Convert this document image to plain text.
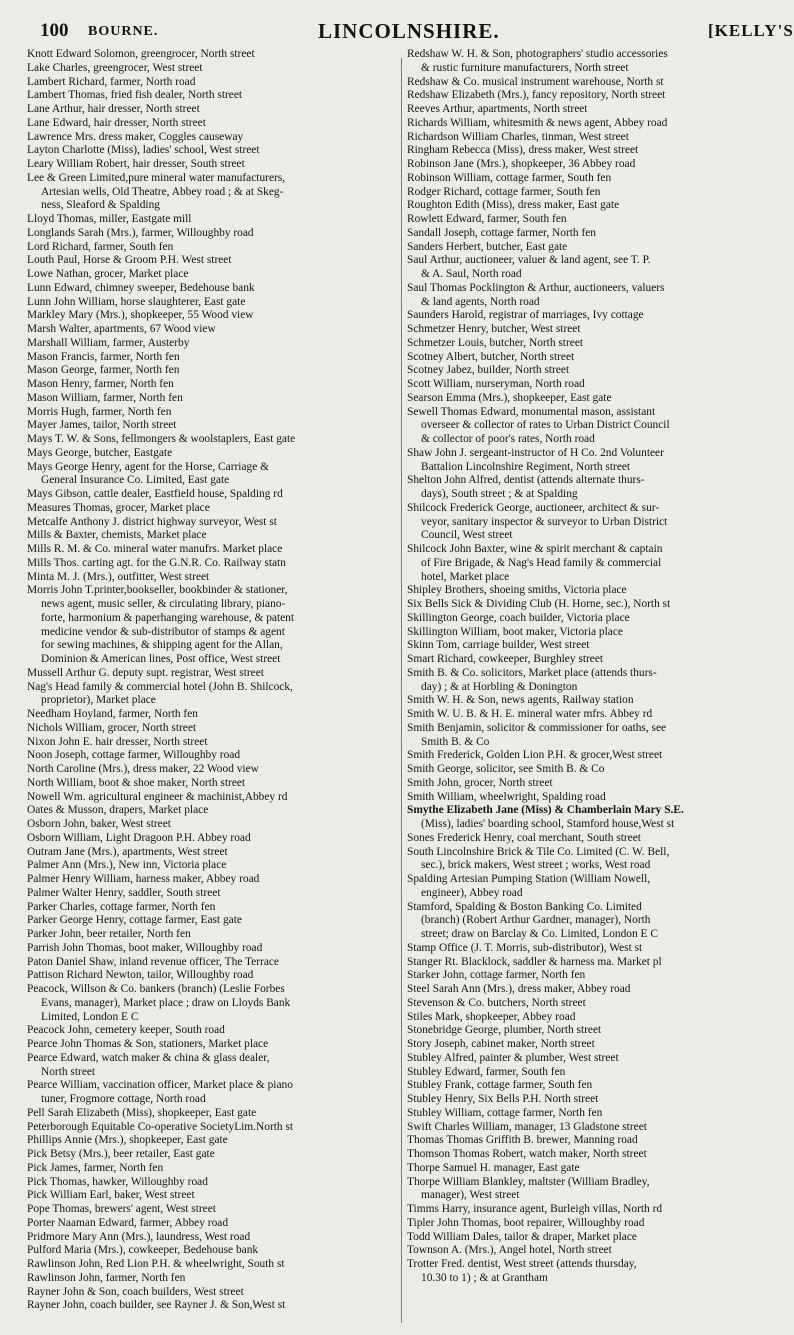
100 BOURNE.	LINCOLNSHIRE.	[KELLY'S
Knott Edward Solomon, greengrocer, North street
Lake Charles, greengrocer, West street
Lambert Richard, farmer, North road
Lambert Thomas, fried fish dealer, North street
Lane Arthur, hair dresser, North street
Lane Edward, hair dresser, North street
Lawrence Mrs. dress maker, Coggles causeway
Layton Charlotte (Miss), ladies' school, West street
Leary William Robert, hair dresser, South street
Lee & Green Limited,pure mineral water manufacturers,
Artesian wells, Old Theatre, Abbey road ; & at Skeg-
ness, Sleaford & Spalding
Lloyd Thomas, miller, Eastgate mill
Longlands Sarah (Mrs.), farmer, Willoughby road
Lord Richard, farmer, South fen
Louth Paul, Horse & Groom P.H. West street
Lowe Nathan, grocer, Market place
Lunn Edward, chimney sweeper, Bedehouse bank
Lunn John William, horse slaughterer, East gate
Markley Mary (Mrs.), shopkeeper, 55 Wood view
Marsh Walter, apartments, 67 Wood view
Marshall William, farmer, Austerby
Mason Francis, farmer, North fen
Mason George, farmer, North fen
Mason Henry, farmer, North fen
Mason William, farmer, North fen
Morris Hugh, farmer, North fen
Mayer James, tailor, North street
Mays T. W. & Sons, fellmongers & woolstaplers, East gate
Mays George, butcher, Eastgate
Mays George Henry, agent for the Horse, Carriage &
General Insurance Co. Limited, East gate
Mays Gibson, cattle dealer, Eastfield house, Spalding rd
Measures Thomas, grocer, Market place
Metcalfe Anthony J. district highway surveyor, West st
Mills & Baxter, chemists, Market place
Mills R. M. & Co. mineral water manufrs. Market place
Mills Thos. carting agt. for the G.N.R. Co. Railway statn
Minta M. J. (Mrs.), outfitter, West street
Morris John T.printer,bookseller, bookbinder & stationer,
news agent, music seller, & circulating library, piano-
forte, harmonium & paperhanging warehouse, & patent
medicine vendor & sub-distributor of stamps & agent
for sewing machines, & shipping agent for the Allan,
Dominion & American lines, Post office, West street
Mussell Arthur G. deputy supt. registrar, West street
Nag's Head family & commercial hotel (John B. Shilcock,
proprietor), Market place
Needham Hoyland, farmer, North fen
Nichols William, grocer, North street
Nixon John E. hair dresser, North street
Noon Joseph, cottage farmer, Willoughby road
North Caroline (Mrs.), dress maker, 22 Wood view
North William, boot & shoe maker, North street
Nowell Wm. agricultural engineer & machinist,Abbey rd
Oates & Musson, drapers, Market place
Osborn John, baker, West street
Osborn William, Light Dragoon P.H. Abbey road
Outram Jane (Mrs.), apartments, West street
Palmer Ann (Mrs.), New inn, Victoria place
Palmer Henry William, harness maker, Abbey road
Palmer Walter Henry, saddler, South street
Parker Charles, cottage farmer, North fen
Parker George Henry, cottage farmer, East gate
Parker John, beer retailer, North fen
Parrish John Thomas, boot maker, Willoughby road
Paton Daniel Shaw, inland revenue officer, The Terrace
Pattison Richard Newton, tailor, Willoughby road
Peacock, Willson & Co. bankers (branch) (Leslie Forbes
Evans, manager), Market place ; draw on Lloyds Bank
Limited, London E C
Peacock John, cemetery keeper, South road
Pearce John Thomas & Son, stationers, Market place
Pearce Edward, watch maker & china & glass dealer,
North street
Pearce William, vaccination officer, Market place & piano
tuner, Frogmore cottage, North road
Pell Sarah Elizabeth (Miss), shopkeeper, East gate
Peterborough Equitable Co-operative SocietyLim.North st
Phillips Annie (Mrs.), shopkeeper, East gate
Pick Betsy (Mrs.), beer retailer, East gate
Pick James, farmer, North fen
Pick Thomas, hawker, Willoughby road
Pick William Earl, baker, West street
Pope Thomas, brewers' agent, West street
Porter Naaman Edward, farmer, Abbey road
Pridmore Mary Ann (Mrs.), laundress, West road
Pulford Maria (Mrs.), cowkeeper, Bedehouse bank
Rawlinson John, Red Lion P.H. & wheelwright, South st
Rawlinson John, farmer, North fen
Rayner John & Son, coach builders, West street
Rayner John, coach builder, see Rayner J. & Son,West st
Redshaw W. H. & Son, photographers' studio accessories
& rustic furniture manufacturers, North street
Redshaw & Co. musical instrument warehouse, North st
Redshaw Elizabeth (Mrs.), fancy repository, North street
Reeves Arthur, apartments, North street
Richards William, whitesmith & news agent, Abbey road
Richardson William Charles, tinman, West street
Ringham Rebecca (Miss), dress maker, West street
Robinson Jane (Mrs.), shopkeeper, 36 Abbey road
Robinson William, cottage farmer, South fen
Rodger Richard, cottage farmer, South fen
Roughton Edith (Miss), dress maker, East gate
Rowlett Edward, farmer, South fen
Sandall Joseph, cottage farmer, North fen
Sanders Herbert, butcher, East gate
Saul Arthur, auctioneer, valuer & land agent, see T. P.
& A. Saul, North road
Saul Thomas Pocklington & Arthur, auctioneers, valuers
& land agents, North road
Saunders Harold, registrar of marriages, Ivy cottage
Schmetzer Henry, butcher, West street
Schmetzer Louis, butcher, North street
Scotney Albert, butcher, North street
Scotney Jabez, builder, North street
Scott William, nurseryman, North road
Searson Emma (Mrs.), shopkeeper, East gate
Sewell Thomas Edward, monumental mason, assistant
overseer & collector of rates to Urban District Council
& collector of poor's rates, North road
Shaw John J. sergeant-instructor of H Co. 2nd Volunteer
Battalion Lincolnshire Regiment, North street
Shelton John Alfred, dentist (attends alternate thurs-
days), South street ; & at Spalding
Shilcock Frederick George, auctioneer, architect & sur-
veyor, sanitary inspector & surveyor to Urban District
Council, West street
Shilcock John Baxter, wine & spirit merchant & captain
of Fire Brigade, & Nag's Head family & commercial
hotel, Market place
Shipley Brothers, shoeing smiths, Victoria place
Six Bells Sick & Dividing Club (H. Horne, sec.), North st
Skillington George, coach builder, Victoria place
Skillington William, boot maker, Victoria place
Skinn Tom, carriage builder, West street
Smart Richard, cowkeeper, Burghley street
Smith B. & Co. solicitors, Market place (attends thurs-
day) ; & at Horbling & Donington
Smith W. H. & Son, news agents, Railway station
Smith W. U. B. & H. E. mineral water mfrs. Abbey rd
Smith Benjamin, solicitor & commissioner for oaths, see
Smith B. & Co
Smith Frederick, Golden Lion P.H. & grocer,West street
Smith George, solicitor, see Smith B. & Co
Smith John, grocer, North street
Smith William, wheelwright, Spalding road
Smythe Elizabeth Jane (Miss) & Chamberlain Mary S.E.
(Miss), ladies' boarding school, Stamford house,West st
Sones Frederick Henry, coal merchant, South street
South Lincolnshire Brick & Tile Co. Limited (C. W. Bell,
sec.), brick makers, West street ; works, West road
Spalding Artesian Pumping Station (William Nowell,
engineer), Abbey road
Stamford, Spalding & Boston Banking Co. Limited
(branch) (Robert Arthur Gardner, manager), North
street; draw on Barclay & Co. Limited, London E C
Stamp Office (J. T. Morris, sub-distributor), West st
Stanger Rt. Blacklock, saddler & harness ma. Market pl
Starker John, cottage farmer, North fen
Steel Sarah Ann (Mrs.), dress maker, Abbey road
Stevenson & Co. butchers, North street
Stiles Mark, shopkeeper, Abbey road
Stonebridge George, plumber, North street
Story Joseph, cabinet maker, North street
Stubley Alfred, painter & plumber, West street
Stubley Edward, farmer, South fen
Stubley Frank, cottage farmer, South fen
Stubley Henry, Six Bells P.H. North street
Stubley William, cottage farmer, North fen
Swift Charles William, manager, 13 Gladstone street
Thomas Thomas Griffith B. brewer, Manning road
Thomson Thomas Robert, watch maker, North street
Thorpe Samuel H. manager, East gate
Thorpe William Blankley, maltster (William Bradley,
manager), West street
Timms Harry, insurance agent, Burleigh villas, North rd
Tipler John Thomas, boot repairer, Willoughby road
Todd William Dales, tailor & draper, Market place
Townson A. (Mrs.), Angel hotel, North street
Trotter Fred. dentist, West street (attends thursday,
10.30 to 1) ; & at Grantham
